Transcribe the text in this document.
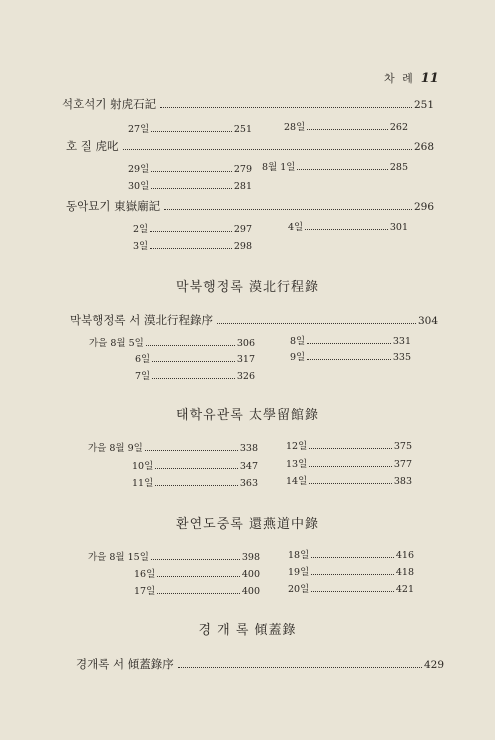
차 례 11
석호석기 射虎石記	251
27일	251	28일	262
호 질 虎叱	268
29일	279 8월 1일	285
30일	281
동악묘기 東嶽廟記	296
2일	297	4일	301
3일	298
막북행정록 漠北行程錄
막북행정록 서 漠北行程錄序	304
가을 8월 5일	306	8일	331
6일	317	9일	335
7일	326
태학유관록 太學留館錄
가을 8월 9일	338	12일	375
10일	347	13일	377
11일	363	14일	383
환연도중록 還燕道中錄
가을 8월 15일	398	18일	416
16일	400	19일	418
17일	400	20일	421
경 개 록 傾蓋錄
경개록 서 傾蓋錄序	429
